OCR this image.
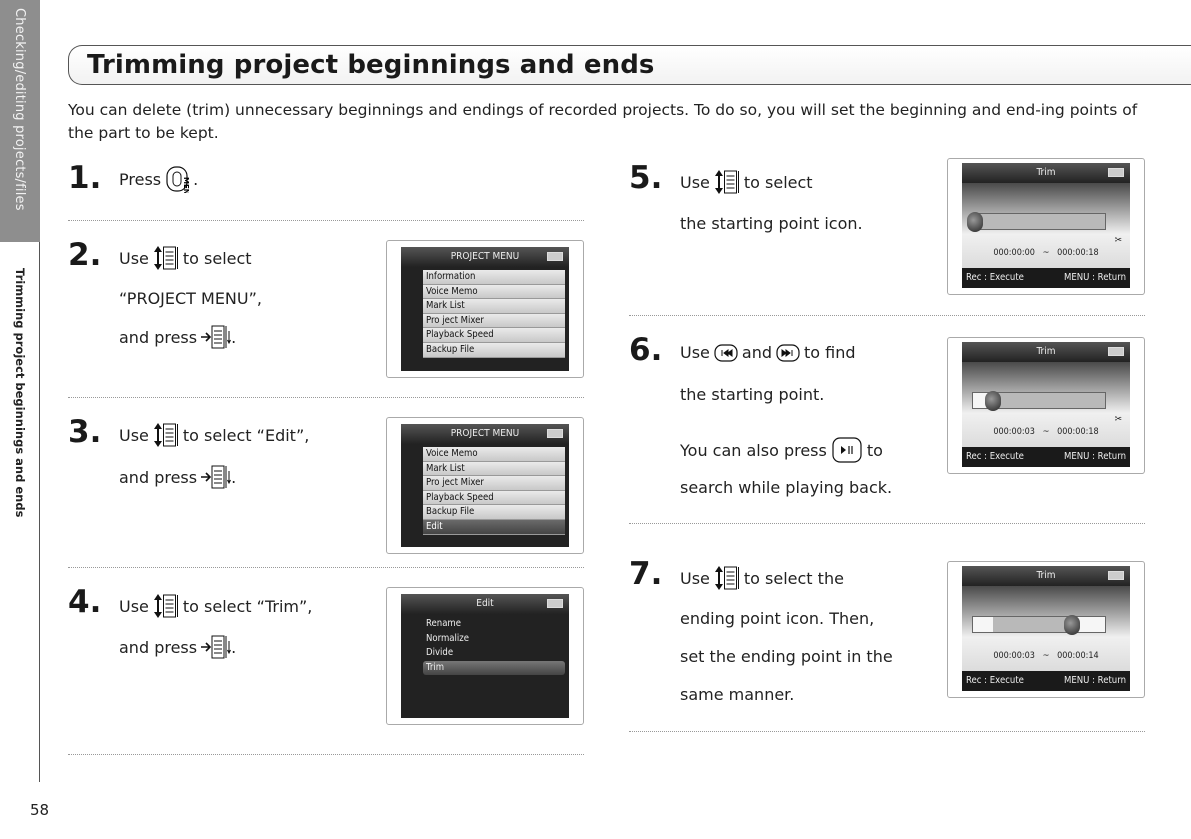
Checking/editing projects/files
Trimming project beginnings and ends
58
Trimming project beginnings and ends
You can delete (trim) unnecessary beginnings and endings of recorded projects. To do so, you will set the beginning and end-ing points of the part to be kept.
1. Press .
2. Use to select
“PROJECT MENU”,
and press .
PROJECT MENU
Information
Voice Memo
Mark List
Pro ject Mixer
Playback Speed
Backup File
3. Use to select “Edit”,
and press .
PROJECT MENU
Voice Memo
Mark List
Pro ject Mixer
Playback Speed
Backup File
Edit
4. Use to select “Trim”,
and press .
Edit
Rename
Normalize
Divide
Trim
5. Use to select
the starting point icon.
Trim
✂
000:00:00 ~ 000:00:18
Rec : Execute	MENU : Return
6. Use and to find
the starting point.
You can also press	to
search while playing back.
Trim
✂
000:00:03 ~ 000:00:18
Rec : Execute	MENU : Return
7. Use to select the
ending point icon. Then,
set the ending point in the
same manner.
Trim
000:00:03 ~ 000:00:14
Rec : Execute	MENU : Return
